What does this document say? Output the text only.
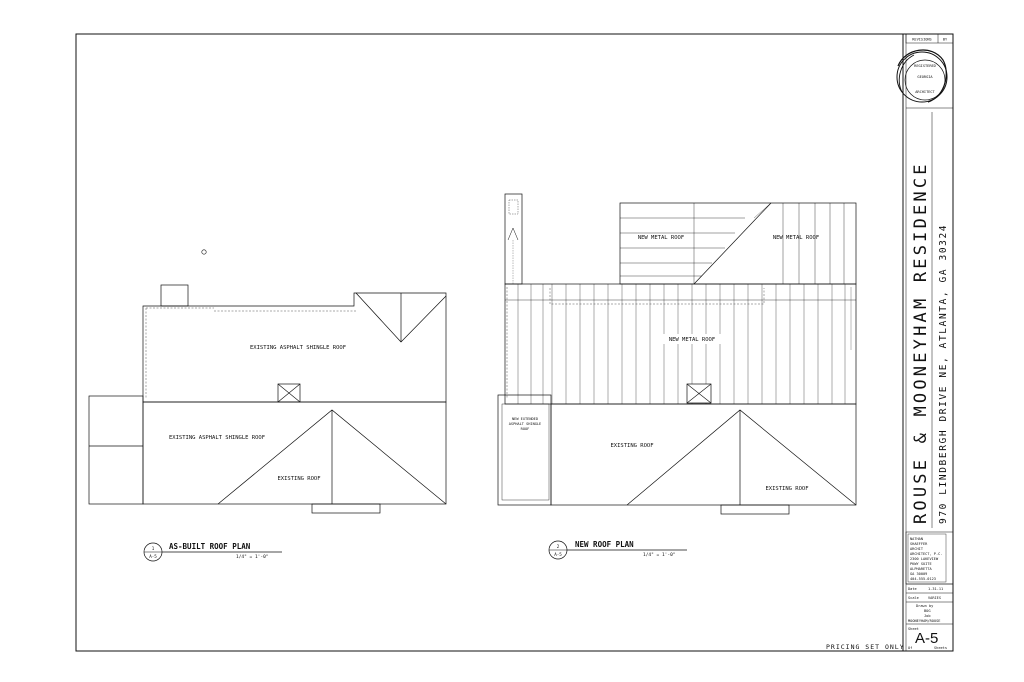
EXISTING ASPHALT SHINGLE ROOF
EXISTING ASPHALT SHINGLE ROOF
EXISTING ROOF
1
A-5
AS-BUILT ROOF PLAN
1/4" = 1'-0"
NEW METAL ROOF	NEW METAL ROOF
NEW METAL ROOF
NEW EXTENDED
ASPHALT SHINGLE
ROOF
EXISTING ROOF
EXISTING ROOF
2
A-5
NEW ROOF PLAN
1/4" = 1'-0"
REVISIONS	BY
REGISTERED
GEORGIA
ARCHITECT
ROUSE & MOONEYHAM RESIDENCE 970 LINDBERGH DRIVE NE, ATLANTA, GA 30324
NATHAN
SHAEFFER
ARCHIT
ARCHITECT, P.C.
2300 LAKEVIEW
PKWY SUITE
ALPHARETTA
GA 30009
404-555-0123
Date	1-31-11
Scale	VARIES
Drawn by
BOG
Job
MOONEYHAM/ROUSE
Sheet
A-5
Of	Sheets
PRICING SET ONLY
